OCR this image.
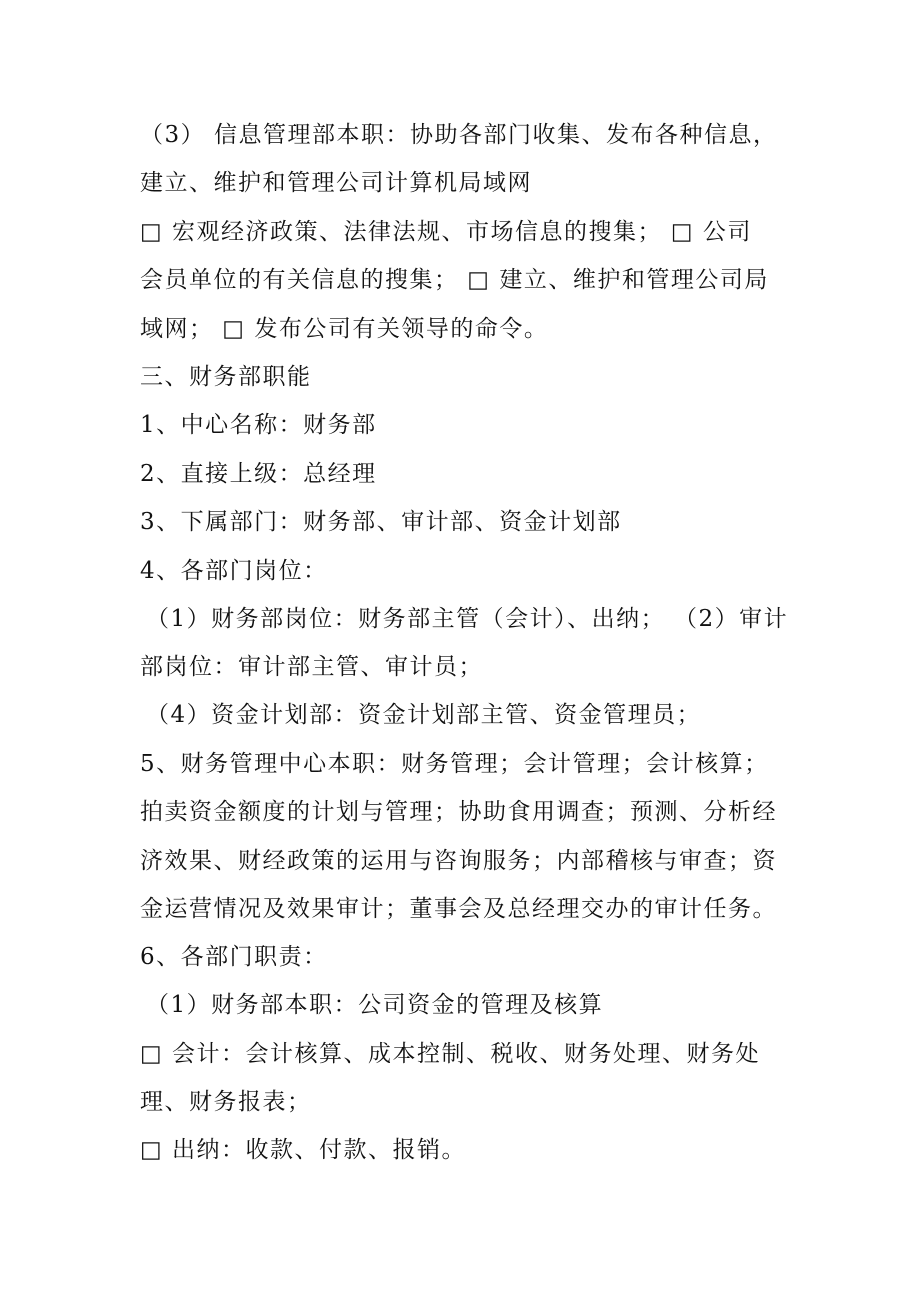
（3） 信息管理部本职：协助各部门收集、发布各种信息，
建立、维护和管理公司计算机局域网
□ 宏观经济政策、法律法规、市场信息的搜集； □ 公司
会员单位的有关信息的搜集； □ 建立、维护和管理公司局
域网； □ 发布公司有关领导的命令。
三、财务部职能
1、中心名称：财务部
2、直接上级：总经理
3、下属部门：财务部、审计部、资金计划部
4、各部门岗位：
（1）财务部岗位：财务部主管（会计）、出纳； （2）审计
部岗位：审计部主管、审计员；
（4）资金计划部：资金计划部主管、资金管理员；
5、财务管理中心本职：财务管理；会计管理；会计核算；
拍卖资金额度的计划与管理；协助食用调查；预测、分析经
济效果、财经政策的运用与咨询服务；内部稽核与审查；资
金运营情况及效果审计；董事会及总经理交办的审计任务。
6、各部门职责：
（1）财务部本职：公司资金的管理及核算
□ 会计：会计核算、成本控制、税收、财务处理、财务处
理、财务报表；
□ 出纳：收款、付款、报销。
